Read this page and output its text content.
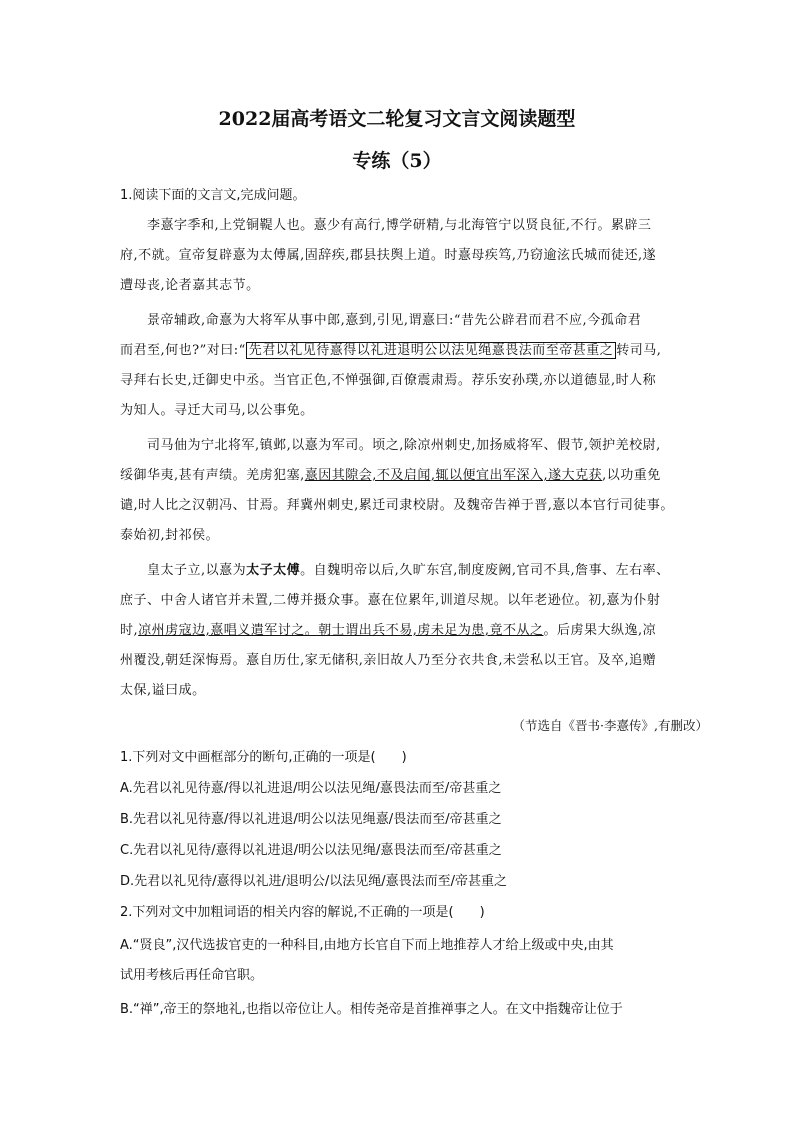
2022届高考语文二轮复习文言文阅读题型
专练（5）
1.阅读下面的文言文,完成问题。
李憙字季和,上党铜鞮人也。憙少有高行,博学研精,与北海管宁以贤良征,不行。累辟三
府,不就。宣帝复辟憙为太傅属,固辞疾,郡县扶舆上道。时憙母疾笃,乃窃逾泫氏城而徒还,遂
遭母丧,论者嘉其志节。
景帝辅政,命憙为大将军从事中郎,憙到,引见,谓憙曰:“昔先公辟君而君不应,今孤命君
而君至,何也?”对曰:“ 先君以礼见待憙得以礼进退明公以法见绳憙畏法而至帝甚重之 转司马,
寻拜右长史,迁御史中丞。当官正色,不惮强御,百僚震肃焉。荐乐安孙璞,亦以道德显,时人称
为知人。寻迁大司马,以公事免。
司马伷为宁北将军,镇邺,以憙为军司。顷之,除凉州刺史,加扬威将军、假节,领护羌校尉,
绥御华夷,甚有声绩。羌虏犯塞,憙因其隙会,不及启闻,辄以便宜出军深入,遂大克获,以功重免
谴,时人比之汉朝冯、甘焉。拜冀州刺史,累迁司隶校尉。及魏帝告禅于晋,憙以本官行司徒事。
泰始初,封祁侯。
皇太子立,以憙为太子太傅。自魏明帝以后,久旷东宫,制度废阙,官司不具,詹事、左右率、
庶子、中舍人诸官并未置,二傅并摄众事。憙在位累年,训道尽规。以年老逊位。初,憙为仆射
时,凉州虏寇边,憙唱义遣军讨之。朝士谓出兵不易,虏未足为患,竟不从之。后虏果大纵逸,凉
州覆没,朝廷深悔焉。憙自历仕,家无储积,亲旧故人乃至分衣共食,未尝私以王官。及卒,追赠
太保,谥曰成。
（节选自《晋书·李憙传》,有删改）
1.下列对文中画框部分的断句,正确的一项是(　　)
A.先君以礼见待憙/得以礼进退/明公以法见绳/憙畏法而至/帝甚重之
B.先君以礼见待憙/得以礼进退/明公以法见绳憙/畏法而至/帝甚重之
C.先君以礼见待/憙得以礼进退/明公以法见绳/憙畏法而至/帝甚重之
D.先君以礼见待/憙得以礼进/退明公/以法见绳/憙畏法而至/帝甚重之
2.下列对文中加粗词语的相关内容的解说,不正确的一项是(　　)
A.“贤良”,汉代选拔官吏的一种科目,由地方长官自下而上地推荐人才给上级或中央,由其
试用考核后再任命官职。
B.“禅”,帝王的祭地礼,也指以帝位让人。相传尧帝是首推禅事之人。在文中指魏帝让位于
